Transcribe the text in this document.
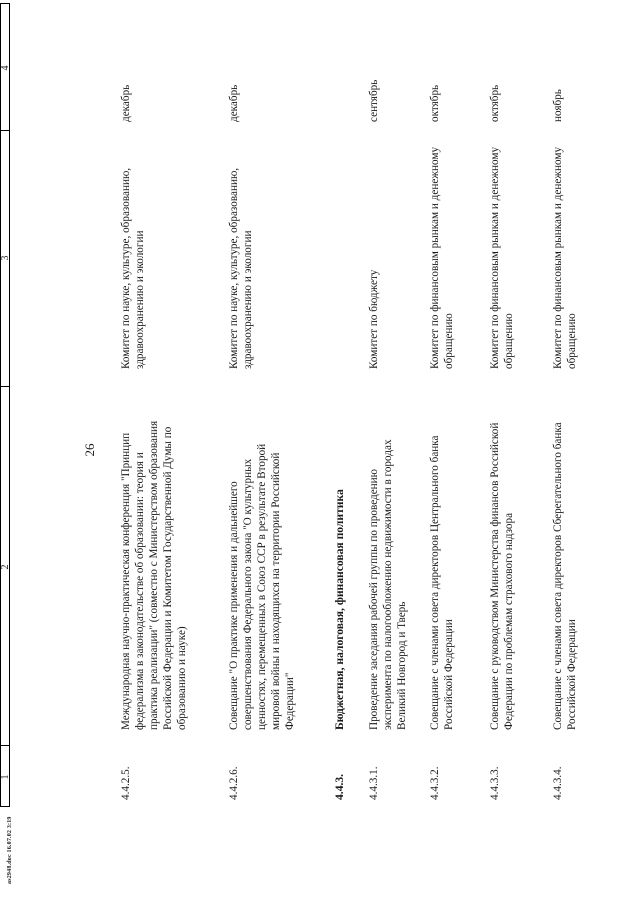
as2948.doc 16.07.02 3:19
26
1
2
3
4
4.4.2.5.
Международная научно-практическая конференция "Принцип федерализма в законодательстве об образовании: теория и практика реализации" (совместно с Министерством образования Российской Федерации и Комитетом Государственной Думы по образованию и науке)
Комитет по науке, культуре, образованию, здравоохранению и экологии
декабрь
4.4.2.6.
Совещание "О практике применения и дальнейшего совершенствования Федерального закона "О культурных ценностях, перемещенных в Союз ССР в результате Второй мировой войны и находящихся на территории Российской Федерации"
Комитет по науке, культуре, образованию, здравоохранению и экологии
декабрь
4.4.3.
Бюджетная, налоговая, финансовая политика
4.4.3.1.
Проведение заседания рабочей группы по проведению эксперимента по налогообложению недвижимости в городах Великий Новгород и Тверь
Комитет по бюджету
сентябрь
4.4.3.2.
Совещание с членами совета директоров Центрального банка Российской Федерации
Комитет по финансовым рынкам и денежному обращению
октябрь
4.4.3.3.
Совещание с руководством Министерства финансов Российской Федерации по проблемам страхового надзора
Комитет по финансовым рынкам и денежному обращению
октябрь
4.4.3.4.
Совещание с членами совета директоров Сберегательного банка Российской Федерации
Комитет по финансовым рынкам и денежному обращению
ноябрь
